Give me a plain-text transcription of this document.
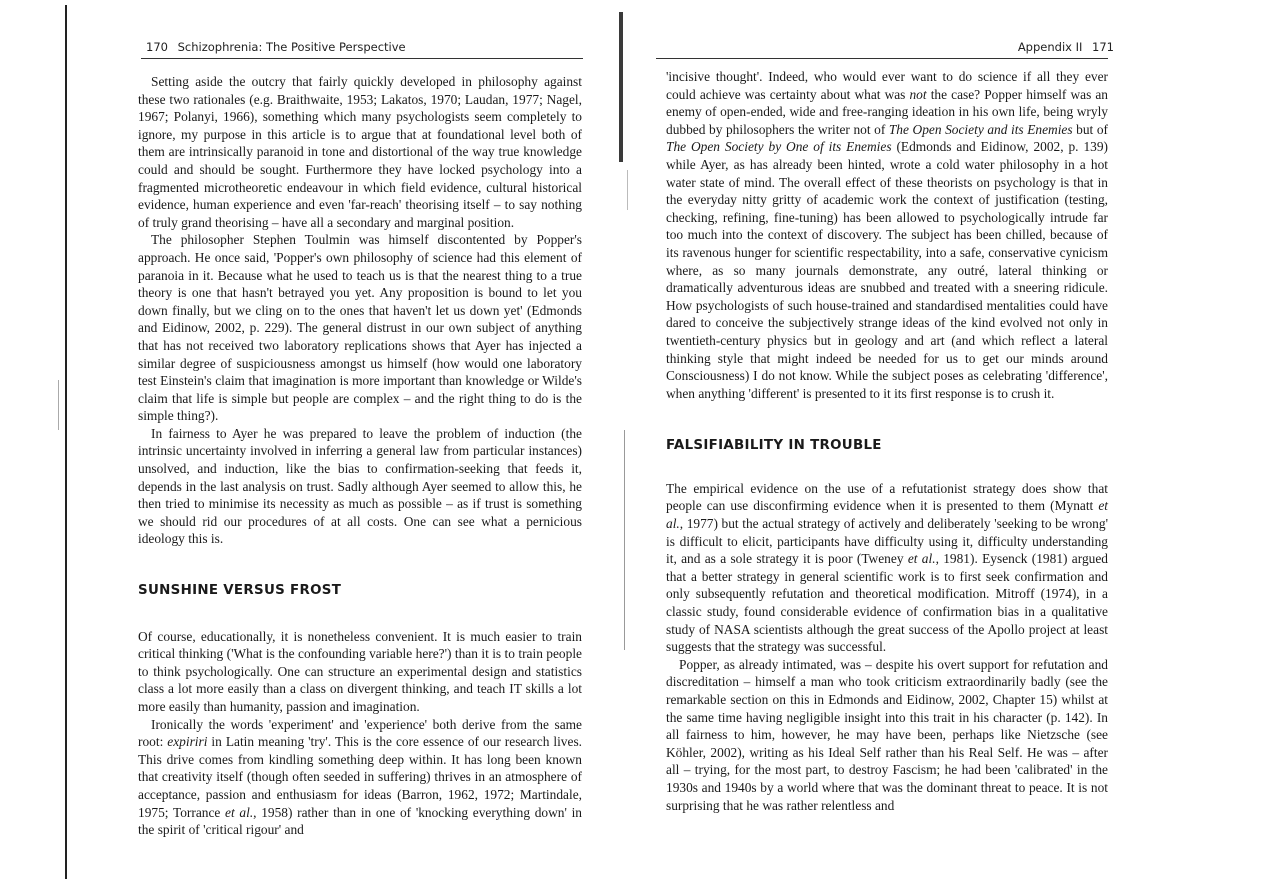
170 Schizophrenia: The Positive Perspective

Setting aside the outcry that fairly quickly developed in philosophy against these two rationales (e.g. Braithwaite, 1953; Lakatos, 1970; Laudan, 1977; Nagel, 1967; Polanyi, 1966), something which many psychologists seem completely to ignore, my purpose in this article is to argue that at foundational level both of them are intrinsically paranoid in tone and distortional of the way true knowledge could and should be sought. Furthermore they have locked psychology into a fragmented microtheoretic endeavour in which field evidence, cultural historical evidence, human experience and even 'far-reach' theorising itself – to say nothing of truly grand theorising – have all a secondary and marginal position.

The philosopher Stephen Toulmin was himself discontented by Popper's approach. He once said, 'Popper's own philosophy of science had this element of paranoia in it. Because what he used to teach us is that the nearest thing to a true theory is one that hasn't betrayed you yet. Any proposition is bound to let you down finally, but we cling on to the ones that haven't let us down yet' (Edmonds and Eidinow, 2002, p. 229). The general distrust in our own subject of anything that has not received two laboratory replications shows that Ayer has injected a similar degree of suspiciousness amongst us himself (how would one laboratory test Einstein's claim that imagination is more important than knowledge or Wilde's claim that life is simple but people are complex – and the right thing to do is the simple thing?).

In fairness to Ayer he was prepared to leave the problem of induction (the intrinsic uncertainty involved in inferring a general law from particular instances) unsolved, and induction, like the bias to confirmation-seeking that feeds it, depends in the last analysis on trust. Sadly although Ayer seemed to allow this, he then tried to minimise its necessity as much as possible – as if trust is something we should rid our procedures of at all costs. One can see what a pernicious ideology this is.

SUNSHINE VERSUS FROST

Of course, educationally, it is nonetheless convenient. It is much easier to train critical thinking ('What is the confounding variable here?') than it is to train people to think psychologically. One can structure an experimental design and statistics class a lot more easily than a class on divergent thinking, and teach IT skills a lot more easily than humanity, passion and imagination.

Ironically the words 'experiment' and 'experience' both derive from the same root: expiriri in Latin meaning 'try'. This is the core essence of our research lives. This drive comes from kindling something deep within. It has long been known that creativity itself (though often seeded in suffering) thrives in an atmosphere of acceptance, passion and enthusiasm for ideas (Barron, 1962, 1972; Martindale, 1975; Torrance et al., 1958) rather than in one of 'knocking everything down' in the spirit of 'critical rigour' and

Appendix II 171

'incisive thought'. Indeed, who would ever want to do science if all they ever could achieve was certainty about what was not the case? Popper himself was an enemy of open-ended, wide and free-ranging ideation in his own life, being wryly dubbed by philosophers the writer not of The Open Society and its Enemies but of The Open Society by One of its Enemies (Edmonds and Eidinow, 2002, p. 139) while Ayer, as has already been hinted, wrote a cold water philosophy in a hot water state of mind. The overall effect of these theorists on psychology is that in the everyday nitty gritty of academic work the context of justification (testing, checking, refining, fine-tuning) has been allowed to psychologically intrude far too much into the context of discovery. The subject has been chilled, because of its ravenous hunger for scientific respectability, into a safe, conservative cynicism where, as so many journals demonstrate, any outré, lateral thinking or dramatically adventurous ideas are snubbed and treated with a sneering ridicule. How psychologists of such house-trained and standardised mentalities could have dared to conceive the subjectively strange ideas of the kind evolved not only in twentieth-century physics but in geology and art (and which reflect a lateral thinking style that might indeed be needed for us to get our minds around Consciousness) I do not know. While the subject poses as celebrating 'difference', when anything 'different' is presented to it its first response is to crush it.

FALSIFIABILITY IN TROUBLE

The empirical evidence on the use of a refutationist strategy does show that people can use disconfirming evidence when it is presented to them (Mynatt et al., 1977) but the actual strategy of actively and deliberately 'seeking to be wrong' is difficult to elicit, participants have difficulty using it, difficulty understanding it, and as a sole strategy it is poor (Tweney et al., 1981). Eysenck (1981) argued that a better strategy in general scientific work is to first seek confirmation and only subsequently refutation and theoretical modification. Mitroff (1974), in a classic study, found considerable evidence of confirmation bias in a qualitative study of NASA scientists although the great success of the Apollo project at least suggests that the strategy was successful.

Popper, as already intimated, was – despite his overt support for refutation and discreditation – himself a man who took criticism extraordinarily badly (see the remarkable section on this in Edmonds and Eidinow, 2002, Chapter 15) whilst at the same time having negligible insight into this trait in his character (p. 142). In all fairness to him, however, he may have been, perhaps like Nietzsche (see Köhler, 2002), writing as his Ideal Self rather than his Real Self. He was – after all – trying, for the most part, to destroy Fascism; he had been 'calibrated' in the 1930s and 1940s by a world where that was the dominant threat to peace. It is not surprising that he was rather relentless and
